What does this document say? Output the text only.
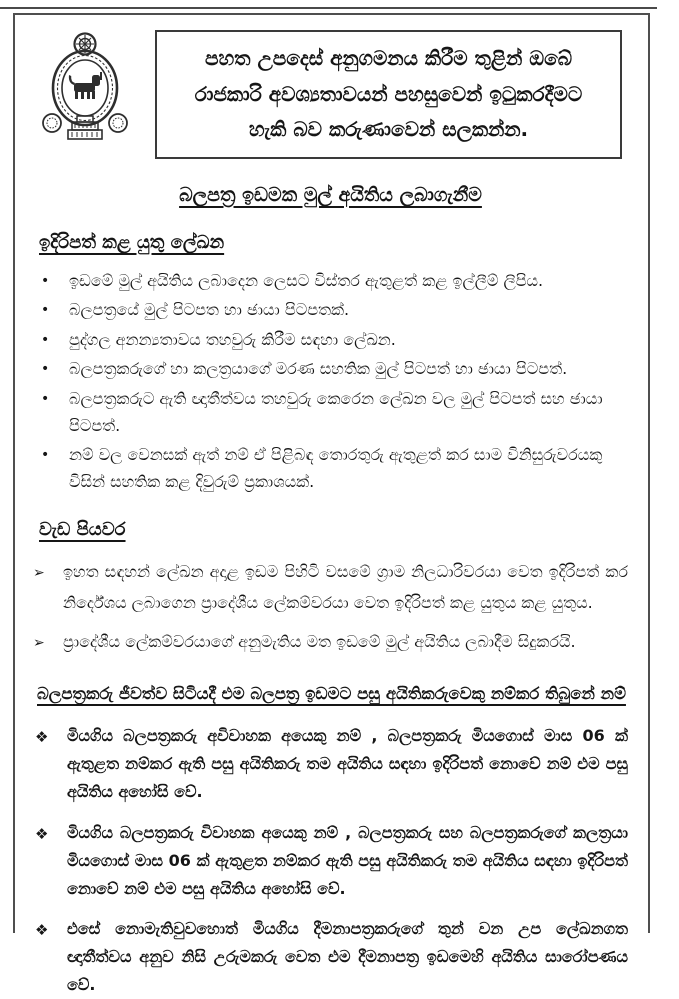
පහත උපදෙස් අනුගමනය කිරීම තුළින් ඔබේ රාජකාරි අවශ්‍යතාවයන් පහසුවෙන් ඉටුකරදීමට හැකි බව කරුණාවෙන් සලකන්න.
බලපත්‍ර ඉඩමක මුල් අයිතිය ලබාගැනීම
ඉදිරිපත් කළ යුතු ලේඛන
•	ඉඩමේ මුල් අයිතිය ලබාදෙන ලෙසට විස්තර ඇතුළත් කළ ඉල්ලීම් ලිපිය.
•	බලපත්‍රයේ මුල් පිටපත හා ඡායා පිටපතක්.
•	පුද්ගල අනන්‍යතාවය තහවුරු කිරීම සඳහා ලේඛන.
•	බලපත්‍රකරුගේ හා කලත්‍රයාගේ මරණ සහතික මුල් පිටපත් හා ඡායා පිටපත්.
•	බලපත්‍රකරුට ඇති ඥාතීත්වය තහවුරු කෙරෙන ලේඛන වල මුල් පිටපත් සහ ඡායා පිටපත්.
•	නම් වල වෙනසක් ඇත් නම් ඒ පිළිබඳ තොරතුරු ඇතුළත් කර සාම විනිසුරුවරයකු විසින් සහතික කළ දිවුරුම් ප්‍රකාශයක්.
වැඩ පියවර
➢	ඉහත සඳහන් ලේඛන අදාළ ඉඩම පිහිටි වසමේ ග්‍රාම නිලධාරිවරයා වෙත ඉදිරිපත් කර නිර්දේශය ලබාගෙන ප්‍රාදේශීය ලේකම්වරයා වෙත ඉදිරිපත් කළ යුතුය කළ යුතුය.
➢	ප්‍රාදේශීය ලේකම්වරයාගේ අනුමැතිය මත ඉඩමේ මුල් අයිතිය ලබාදීම සිදුකරයි.
බලපත්‍රකරු ජීවත්ව සිටියදී එම බලපත්‍ර ඉඩමට පසු අයිතිකරුවෙකු නම්කර තිබුනේ නම්
❖	මියගිය බලපත්‍රකරු අවිවාහක අයෙකු නම් , බලපත්‍රකරු මියගොස් මාස 06 ක් ඇතුළත නම්කර ඇති පසු අයිතිකරු තම අයිතිය සඳහා ඉදිරිපත් නොවේ නම් එම පසු අයිතිය අහෝසි වේ.
❖	මියගිය බලපත්‍රකරු විවාහක අයෙකු නම් , බලපත්‍රකරු සහ බලපත්‍රකරුගේ කලත්‍රයා මියගොස් මාස 06 ක් ඇතුළත නම්කර ඇති පසු අයිතිකරු තම අයිතිය සඳහා ඉදිරිපත් නොවේ නම් එම පසු අයිතිය අහෝසි වේ.
❖	එසේ නොමැතිවුවහොත් මියගිය දීමනාපත්‍රකරුගේ තුන් වන උප ලේඛනගත ඥාතීත්වය අනුව නිසි උරුමකරු වෙත එම දීමනාපත්‍ර ඉඩමෙහි අයිතිය සාරෝපණය වේ.
